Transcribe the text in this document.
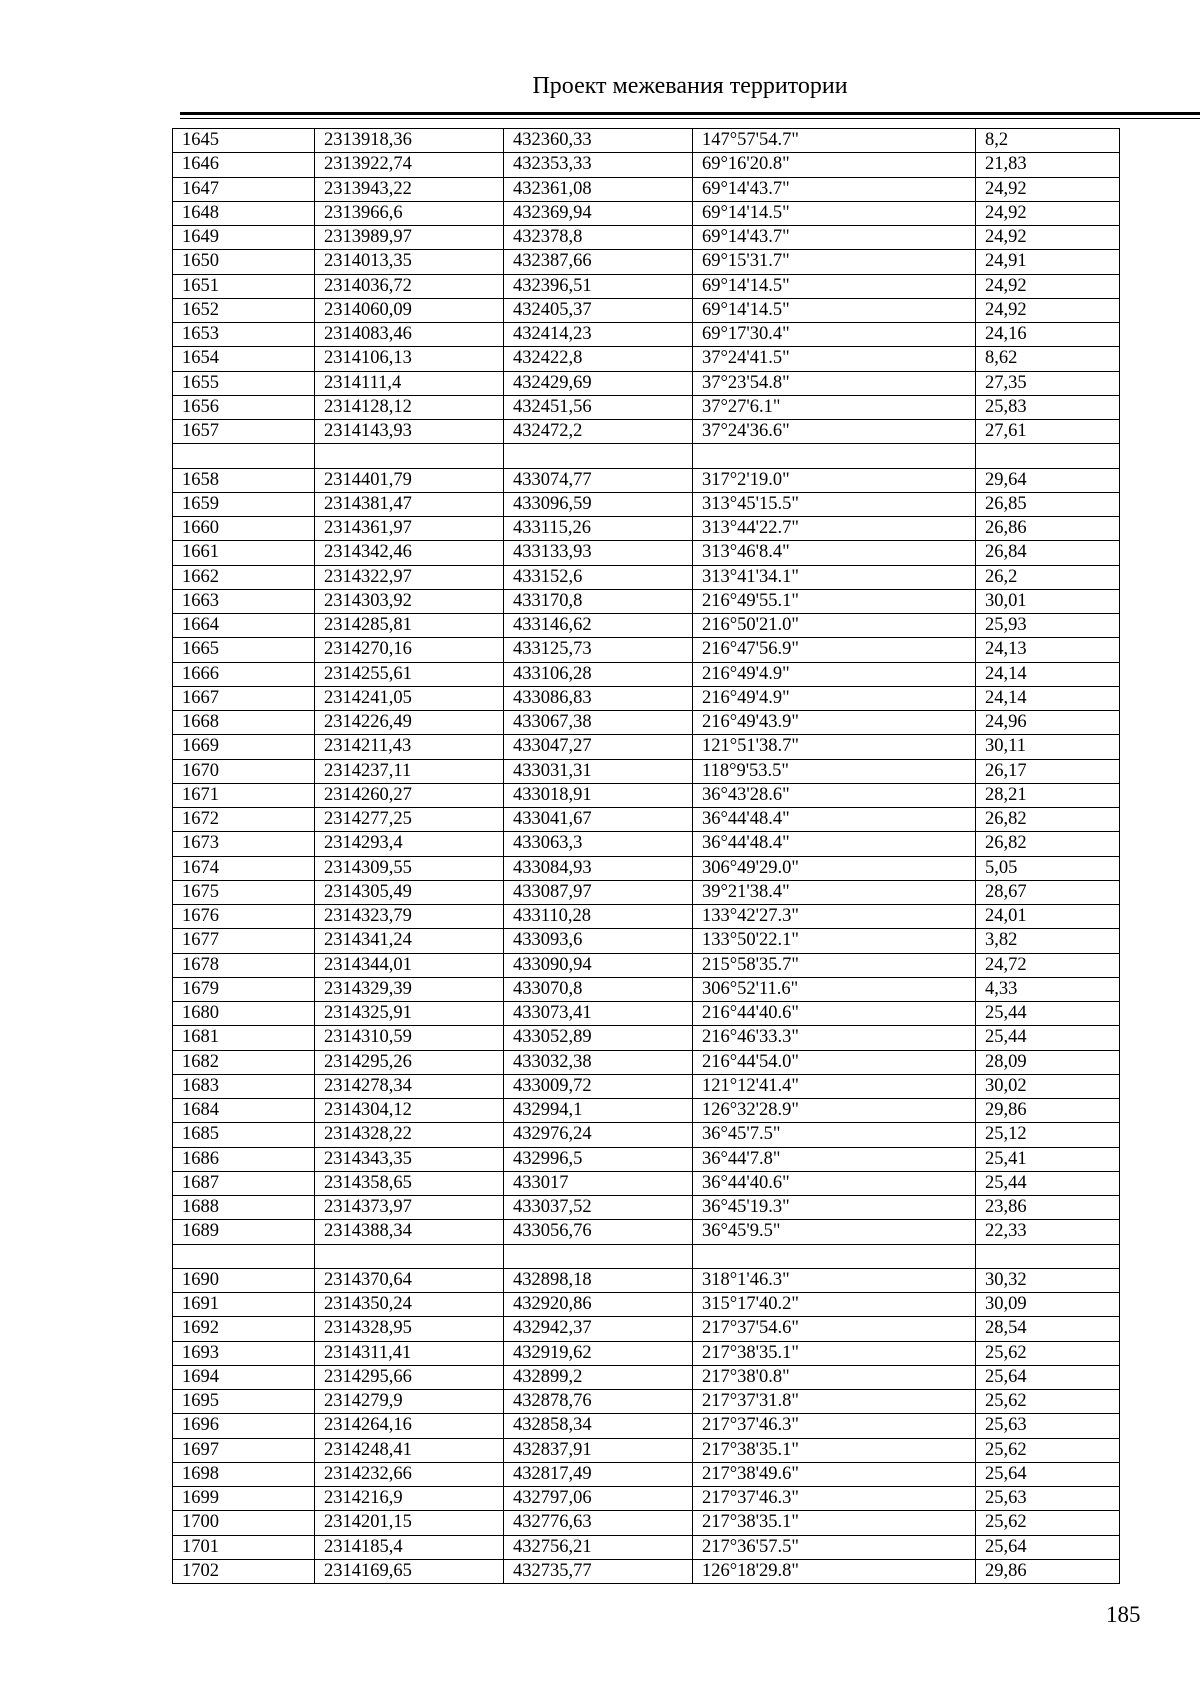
Проект межевания территории
1645	2313918,36	432360,33	147°57'54.7"	8,2
1646	2313922,74	432353,33	69°16'20.8"	21,83
1647	2313943,22	432361,08	69°14'43.7"	24,92
1648	2313966,6	432369,94	69°14'14.5"	24,92
1649	2313989,97	432378,8	69°14'43.7"	24,92
1650	2314013,35	432387,66	69°15'31.7"	24,91
1651	2314036,72	432396,51	69°14'14.5"	24,92
1652	2314060,09	432405,37	69°14'14.5"	24,92
1653	2314083,46	432414,23	69°17'30.4"	24,16
1654	2314106,13	432422,8	37°24'41.5"	8,62
1655	2314111,4	432429,69	37°23'54.8"	27,35
1656	2314128,12	432451,56	37°27'6.1"	25,83
1657	2314143,93	432472,2	37°24'36.6"	27,61

1658	2314401,79	433074,77	317°2'19.0"	29,64
1659	2314381,47	433096,59	313°45'15.5"	26,85
1660	2314361,97	433115,26	313°44'22.7"	26,86
1661	2314342,46	433133,93	313°46'8.4"	26,84
1662	2314322,97	433152,6	313°41'34.1"	26,2
1663	2314303,92	433170,8	216°49'55.1"	30,01
1664	2314285,81	433146,62	216°50'21.0"	25,93
1665	2314270,16	433125,73	216°47'56.9"	24,13
1666	2314255,61	433106,28	216°49'4.9"	24,14
1667	2314241,05	433086,83	216°49'4.9"	24,14
1668	2314226,49	433067,38	216°49'43.9"	24,96
1669	2314211,43	433047,27	121°51'38.7"	30,11
1670	2314237,11	433031,31	118°9'53.5"	26,17
1671	2314260,27	433018,91	36°43'28.6"	28,21
1672	2314277,25	433041,67	36°44'48.4"	26,82
1673	2314293,4	433063,3	36°44'48.4"	26,82
1674	2314309,55	433084,93	306°49'29.0"	5,05
1675	2314305,49	433087,97	39°21'38.4"	28,67
1676	2314323,79	433110,28	133°42'27.3"	24,01
1677	2314341,24	433093,6	133°50'22.1"	3,82
1678	2314344,01	433090,94	215°58'35.7"	24,72
1679	2314329,39	433070,8	306°52'11.6"	4,33
1680	2314325,91	433073,41	216°44'40.6"	25,44
1681	2314310,59	433052,89	216°46'33.3"	25,44
1682	2314295,26	433032,38	216°44'54.0"	28,09
1683	2314278,34	433009,72	121°12'41.4"	30,02
1684	2314304,12	432994,1	126°32'28.9"	29,86
1685	2314328,22	432976,24	36°45'7.5"	25,12
1686	2314343,35	432996,5	36°44'7.8"	25,41
1687	2314358,65	433017	36°44'40.6"	25,44
1688	2314373,97	433037,52	36°45'19.3"	23,86
1689	2314388,34	433056,76	36°45'9.5"	22,33

1690	2314370,64	432898,18	318°1'46.3"	30,32
1691	2314350,24	432920,86	315°17'40.2"	30,09
1692	2314328,95	432942,37	217°37'54.6"	28,54
1693	2314311,41	432919,62	217°38'35.1"	25,62
1694	2314295,66	432899,2	217°38'0.8"	25,64
1695	2314279,9	432878,76	217°37'31.8"	25,62
1696	2314264,16	432858,34	217°37'46.3"	25,63
1697	2314248,41	432837,91	217°38'35.1"	25,62
1698	2314232,66	432817,49	217°38'49.6"	25,64
1699	2314216,9	432797,06	217°37'46.3"	25,63
1700	2314201,15	432776,63	217°38'35.1"	25,62
1701	2314185,4	432756,21	217°36'57.5"	25,64
1702	2314169,65	432735,77	126°18'29.8"	29,86
185
